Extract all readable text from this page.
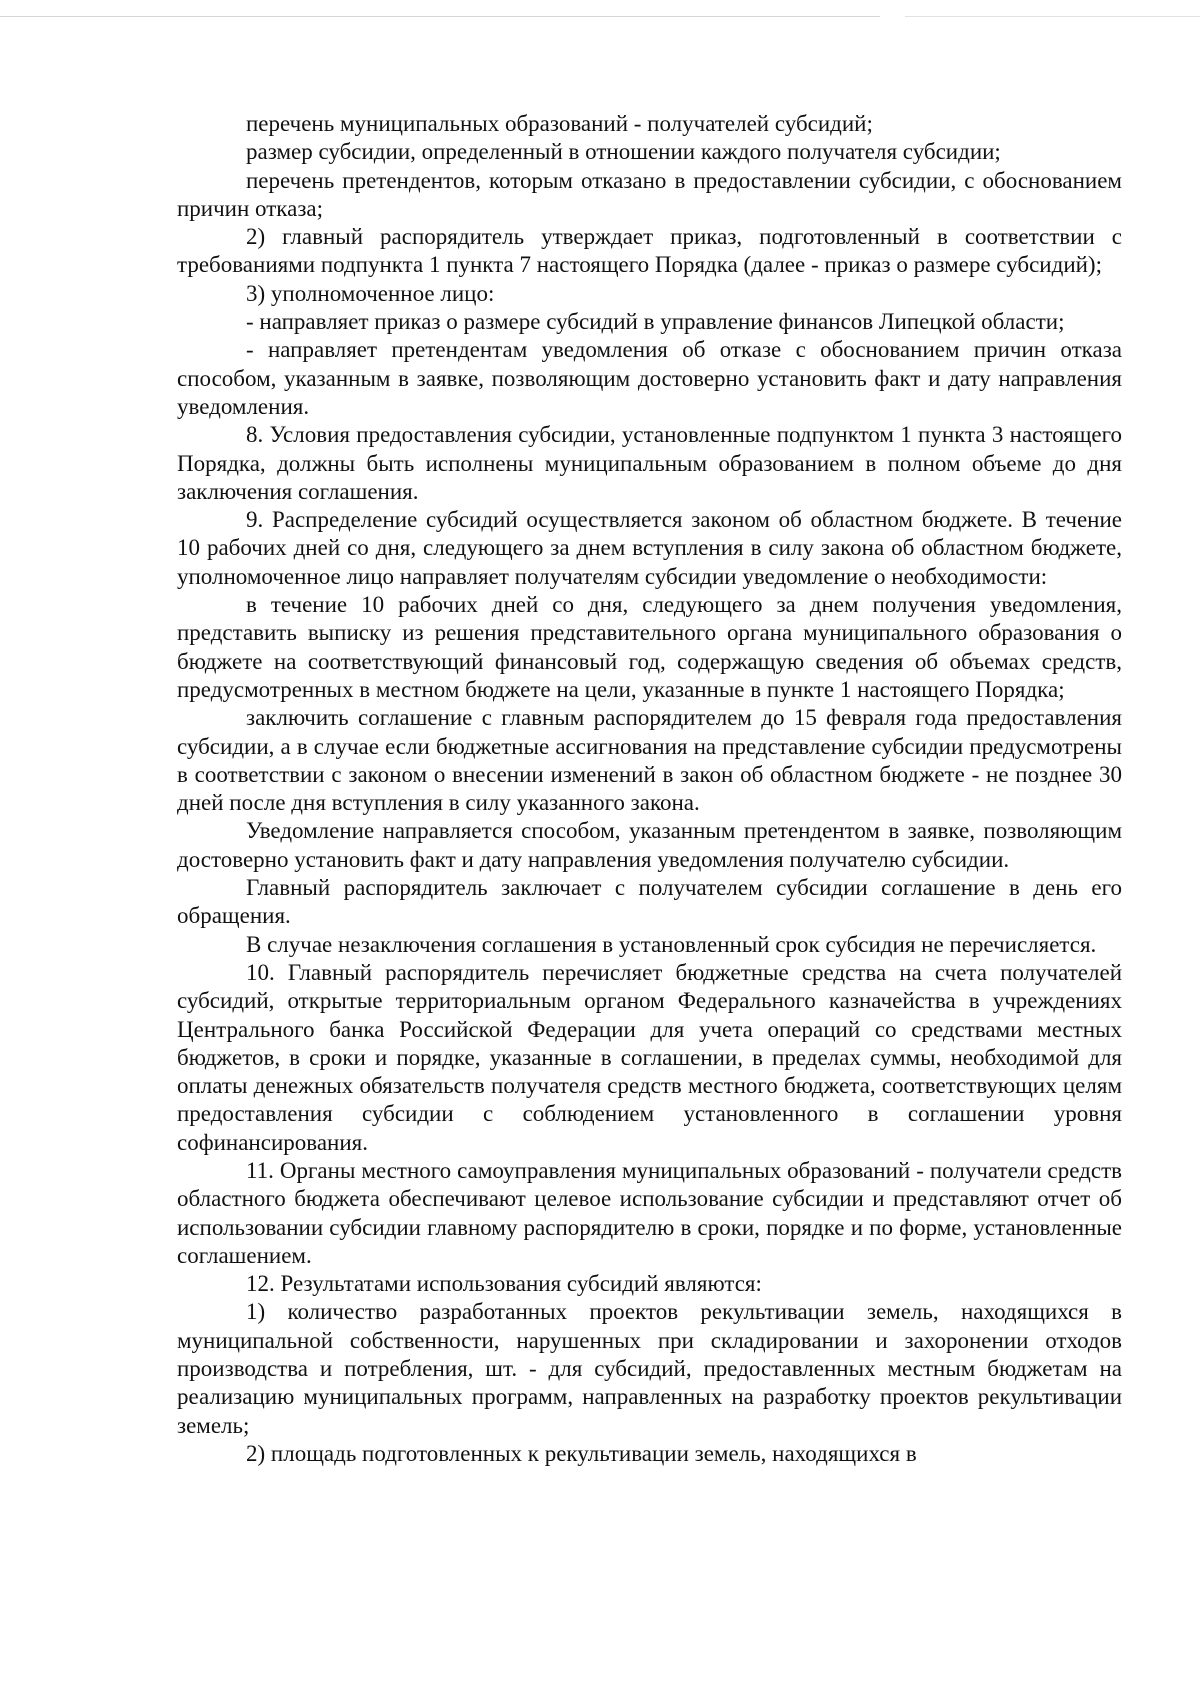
перечень муниципальных образований - получателей субсидий;

размер субсидии, определенный в отношении каждого получателя субсидии;

перечень претендентов, которым отказано в предоставлении субсидии, с обоснованием причин отказа;

2) главный распорядитель утверждает приказ, подготовленный в соответствии с требованиями подпункта 1 пункта 7 настоящего Порядка (далее - приказ о размере субсидий);

3) уполномоченное лицо:

- направляет приказ о размере субсидий в управление финансов Липецкой области;

- направляет претендентам уведомления об отказе с обоснованием причин отказа способом, указанным в заявке, позволяющим достоверно установить факт и дату направления уведомления.

8. Условия предоставления субсидии, установленные подпунктом 1 пункта 3 настоящего Порядка, должны быть исполнены муниципальным образованием в полном объеме до дня заключения соглашения.

9. Распределение субсидий осуществляется законом об областном бюджете. В течение 10 рабочих дней со дня, следующего за днем вступления в силу закона об областном бюджете, уполномоченное лицо направляет получателям субсидии уведомление о необходимости:

в течение 10 рабочих дней со дня, следующего за днем получения уведомления, представить выписку из решения представительного органа муниципального образования о бюджете на соответствующий финансовый год, содержащую сведения об объемах средств, предусмотренных в местном бюджете на цели, указанные в пункте 1 настоящего Порядка;

заключить соглашение с главным распорядителем до 15 февраля года предоставления субсидии, а в случае если бюджетные ассигнования на представление субсидии предусмотрены в соответствии с законом о внесении изменений в закон об областном бюджете - не позднее 30 дней после дня вступления в силу указанного закона.

Уведомление направляется способом, указанным претендентом в заявке, позволяющим достоверно установить факт и дату направления уведомления получателю субсидии.

Главный распорядитель заключает с получателем субсидии соглашение в день его обращения.

В случае незаключения соглашения в установленный срок субсидия не перечисляется.

10. Главный распорядитель перечисляет бюджетные средства на счета получателей субсидий, открытые территориальным органом Федерального казначейства в учреждениях Центрального банка Российской Федерации для учета операций со средствами местных бюджетов, в сроки и порядке, указанные в соглашении, в пределах суммы, необходимой для оплаты денежных обязательств получателя средств местного бюджета, соответствующих целям предоставления субсидии с соблюдением установленного в соглашении уровня софинансирования.

11. Органы местного самоуправления муниципальных образований - получатели средств областного бюджета обеспечивают целевое использование субсидии и представляют отчет об использовании субсидии главному распорядителю в сроки, порядке и по форме, установленные соглашением.

12. Результатами использования субсидий являются:

1) количество разработанных проектов рекультивации земель, находящихся в муниципальной собственности, нарушенных при складировании и захоронении отходов производства и потребления, шт. - для субсидий, предоставленных местным бюджетам на реализацию муниципальных программ, направленных на разработку проектов рекультивации земель;

2) площадь подготовленных к рекультивации земель, находящихся в
